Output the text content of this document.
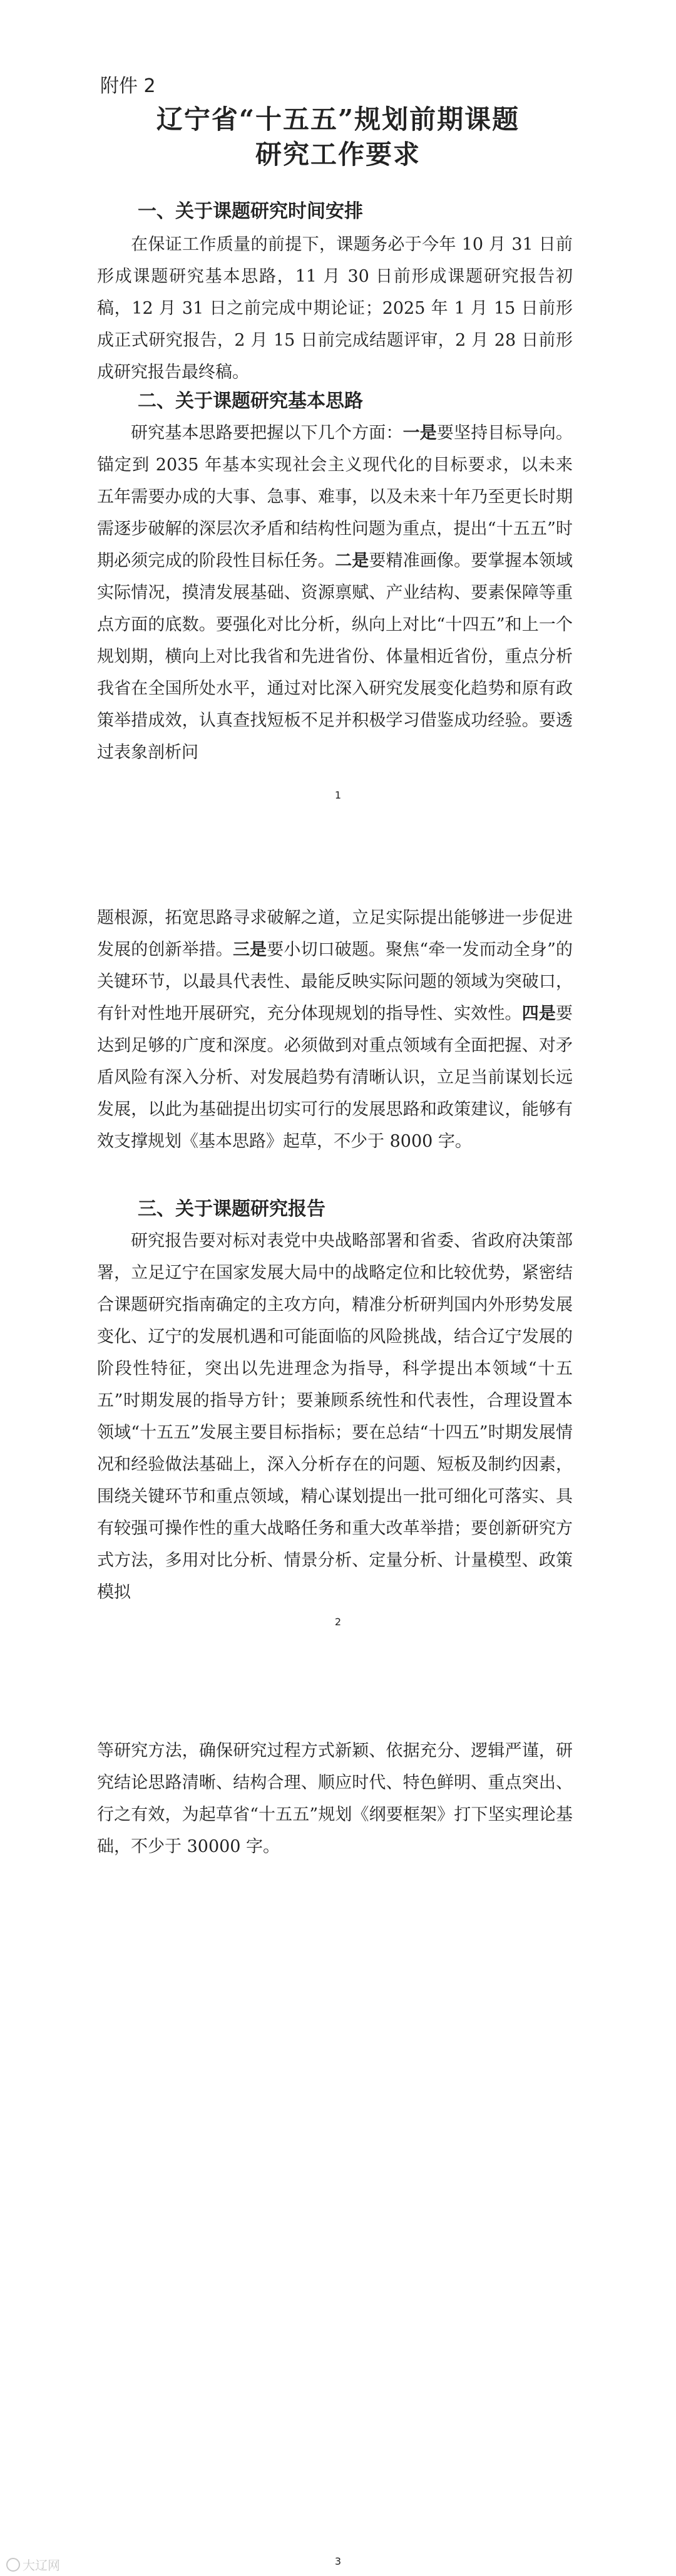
附件 2
辽宁省“十五五”规划前期课题
研究工作要求
一、关于课题研究时间安排
在保证工作质量的前提下，课题务必于今年 10 月 31 日前形成课题研究基本思路，11 月 30 日前形成课题研究报告初稿，12 月 31 日之前完成中期论证；2025 年 1 月 15 日前形成正式研究报告，2 月 15 日前完成结题评审，2 月 28 日前形成研究报告最终稿。
二、关于课题研究基本思路
研究基本思路要把握以下几个方面：一是要坚持目标导向。锚定到 2035 年基本实现社会主义现代化的目标要求，以未来五年需要办成的大事、急事、难事，以及未来十年乃至更长时期需逐步破解的深层次矛盾和结构性问题为重点，提出“十五五”时期必须完成的阶段性目标任务。二是要精准画像。要掌握本领域实际情况，摸清发展基础、资源禀赋、产业结构、要素保障等重点方面的底数。要强化对比分析，纵向上对比“十四五”和上一个规划期，横向上对比我省和先进省份、体量相近省份，重点分析我省在全国所处水平，通过对比深入研究发展变化趋势和原有政策举措成效，认真查找短板不足并积极学习借鉴成功经验。要透过表象剖析问
1
题根源，拓宽思路寻求破解之道，立足实际提出能够进一步促进发展的创新举措。三是要小切口破题。聚焦“牵一发而动全身”的关键环节，以最具代表性、最能反映实际问题的领域为突破口，有针对性地开展研究，充分体现规划的指导性、实效性。四是要达到足够的广度和深度。必须做到对重点领域有全面把握、对矛盾风险有深入分析、对发展趋势有清晰认识，立足当前谋划长远发展，以此为基础提出切实可行的发展思路和政策建议，能够有效支撑规划《基本思路》起草，不少于 8000 字。
三、关于课题研究报告
研究报告要对标对表党中央战略部署和省委、省政府决策部署，立足辽宁在国家发展大局中的战略定位和比较优势，紧密结合课题研究指南确定的主攻方向，精准分析研判国内外形势发展变化、辽宁的发展机遇和可能面临的风险挑战，结合辽宁发展的阶段性特征，突出以先进理念为指导，科学提出本领域“十五五”时期发展的指导方针；要兼顾系统性和代表性，合理设置本领域“十五五”发展主要目标指标；要在总结“十四五”时期发展情况和经验做法基础上，深入分析存在的问题、短板及制约因素，围绕关键环节和重点领域，精心谋划提出一批可细化可落实、具有较强可操作性的重大战略任务和重大改革举措；要创新研究方式方法，多用对比分析、情景分析、定量分析、计量模型、政策模拟
2
等研究方法，确保研究过程方式新颖、依据充分、逻辑严谨，研究结论思路清晰、结构合理、顺应时代、特色鲜明、重点突出、行之有效，为起草省“十五五”规划《纲要框架》打下坚实理论基础，不少于 30000 字。
3
大辽网
